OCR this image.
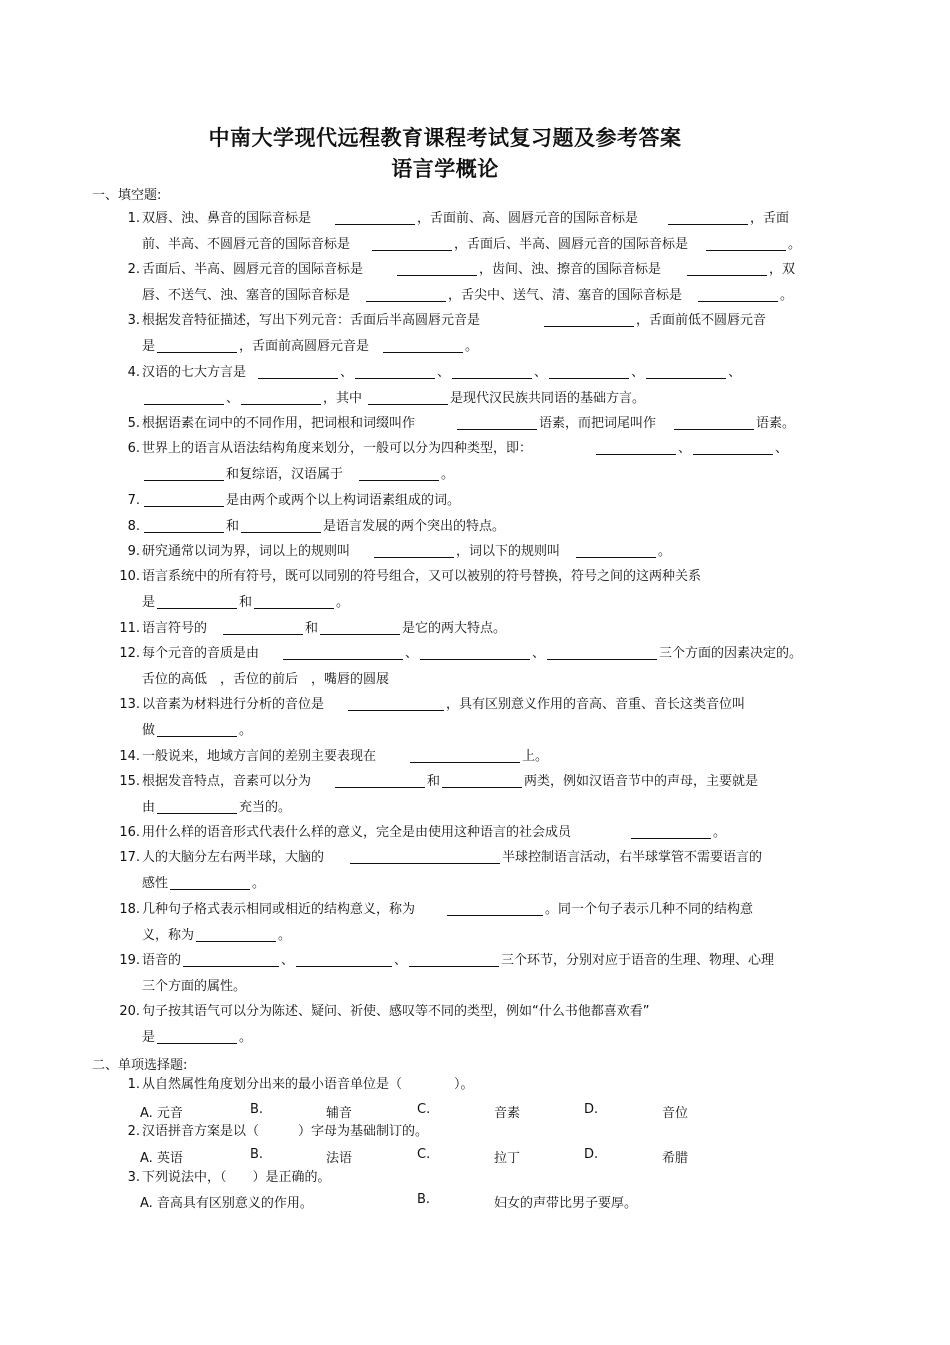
中南大学现代远程教育课程考试复习题及参考答案
语言学概论
一、填空题:
1. 双唇、浊、鼻音的国际音标是	，舌面前、高、圆唇元音的国际音标是	，舌面
前、半高、不圆唇元音的国际音标是	，舌面后、半高、圆唇元音的国际音标是	。
2. 舌面后、半高、圆唇元音的国际音标是	，齿间、浊、擦音的国际音标是	，双
唇、不送气、浊、塞音的国际音标是	，舌尖中、送气、清、塞音的国际音标是	。
3. 根据发音特征描述，写出下列元音：舌面后半高圆唇元音是	，舌面前低不圆唇元音
是	，舌面前高圆唇元音是	。
4. 汉语的七大方言是	、	、	、	、	、
、	，其中	是现代汉民族共同语的基础方言。
5. 根据语素在词中的不同作用，把词根和词缀叫作	语素，而把词尾叫作	语素。
6. 世界上的语言从语法结构角度来划分，一般可以分为四种类型，即：	、	、
和复综语，汉语属于	。
7.	是由两个或两个以上构词语素组成的词。
8.	和	是语言发展的两个突出的特点。
9. 研究通常以词为界，词以上的规则叫	，词以下的规则叫	。
10. 语言系统中的所有符号，既可以同别的符号组合，又可以被别的符号替换，符号之间的这两种关系
是	和	。
11. 语言符号的	和	是它的两大特点。
12. 每个元音的音质是由	、	、	三个方面的因素决定的。
舌位的高低　，舌位的前后　，嘴唇的圆展
13. 以音素为材料进行分析的音位是	，具有区别意义作用的音高、音重、音长这类音位叫
做	。
14. 一般说来，地域方言间的差别主要表现在	上。
15. 根据发音特点，音素可以分为	和	两类，例如汉语音节中的声母，主要就是
由	充当的。
16. 用什么样的语音形式代表什么样的意义，完全是由使用这种语言的社会成员	。
17. 人的大脑分左右两半球，大脑的	半球控制语言活动，右半球掌管不需要语言的
感性	。
18. 几种句子格式表示相同或相近的结构意义，称为	。同一个句子表示几种不同的结构意
义，称为	。
19. 语音的	、	、	三个环节，分别对应于语音的生理、物理、心理
三个方面的属性。
20. 句子按其语气可以分为陈述、疑问、祈使、感叹等不同的类型，例如“什么书他都喜欢看”
是	。
二、单项选择题:
1. 从自然属性角度划分出来的最小语音单位是（　　　　）。
A. 元音	B.	辅音	C.	音素	D.	音位
2. 汉语拼音方案是以（　　　）字母为基础制订的。
A. 英语	B.	法语	C.	拉丁	D.	希腊
3. 下列说法中，（　　）是正确的。
A. 音高具有区别意义的作用。	B.	妇女的声带比男子要厚。
